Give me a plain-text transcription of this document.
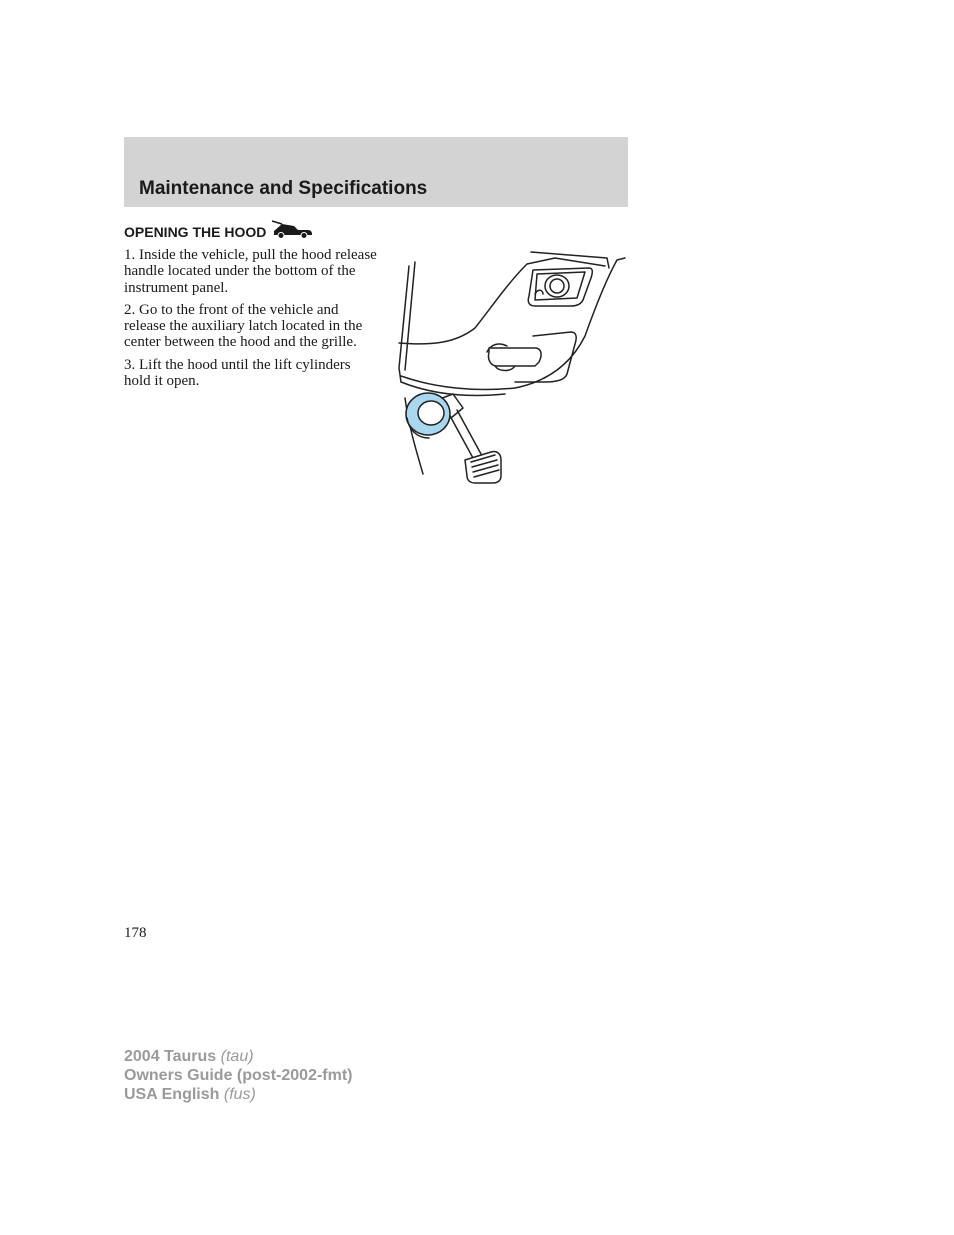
Maintenance and Specifications
OPENING THE HOOD

1. Inside the vehicle, pull the hood release handle located under the bottom of the instrument panel.

2. Go to the front of the vehicle and release the auxiliary latch located in the center between the hood and the grille.

3. Lift the hood until the lift cylinders hold it open.

178
2004 Taurus (tau)
Owners Guide (post-2002-fmt)
USA English (fus)
